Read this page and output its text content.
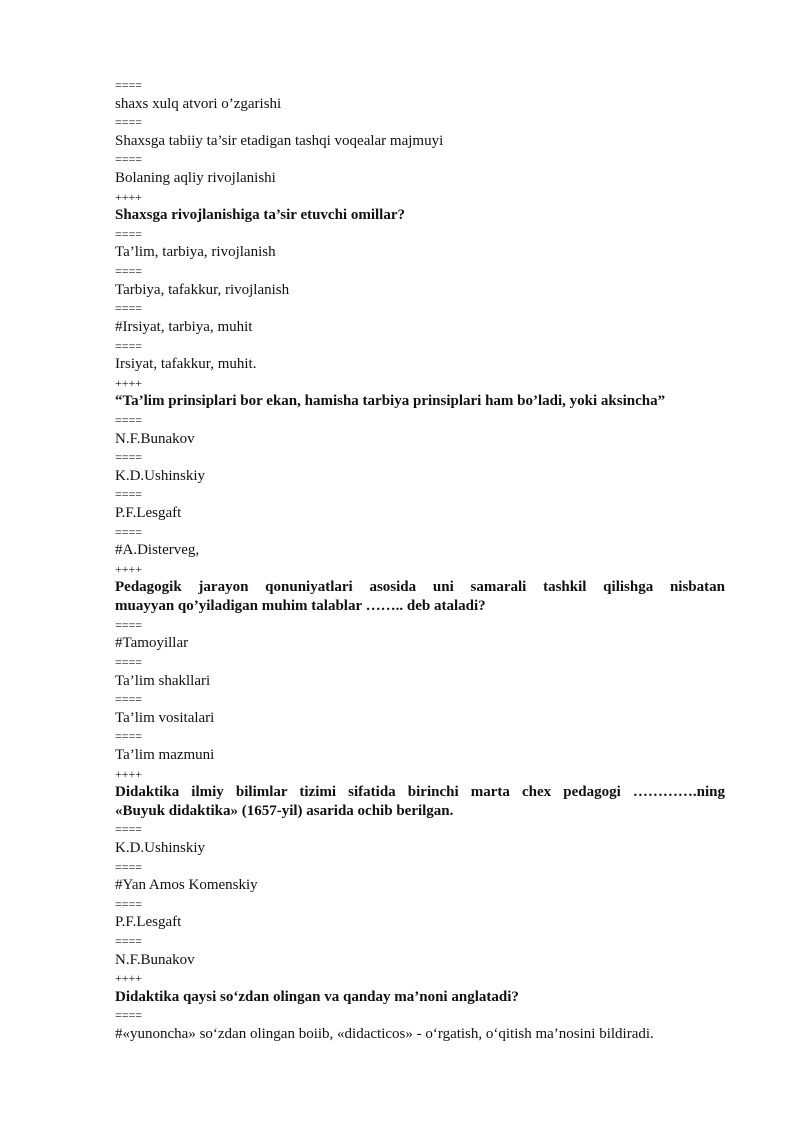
====
shaxs xulq atvori o’zgarishi
====
Shaxsga tabiiy ta’sir etadigan tashqi voqealar majmuyi
====
Bolaning aqliy rivojlanishi
++++
Shaxsga rivojlanishiga ta’sir etuvchi omillar?
====
Ta’lim, tarbiya, rivojlanish
====
Tarbiya, tafakkur, rivojlanish
====
#Irsiyat, tarbiya, muhit
====
Irsiyat, tafakkur, muhit.
++++
“Ta’lim prinsiplari bor ekan, hamisha tarbiya prinsiplari ham bo’ladi, yoki aksincha”
====
N.F.Bunakov
====
K.D.Ushinskiy
====
P.F.Lesgaft
====
#A.Disterveg,
++++
Pedagogik jarayon qonuniyatlari asosida uni samarali tashkil qilishga nisbatan
muayyan qo’yiladigan muhim talablar …….. deb ataladi?
====
#Tamoyillar
====
Ta’lim shakllari
====
Ta’lim vositalari
====
Ta’lim mazmuni
++++
Didaktika ilmiy bilimlar tizimi sifatida birinchi marta chex pedagogi ………….ning
«Buyuk didaktika» (1657-yil) asarida ochib berilgan.
====
K.D.Ushinskiy
====
#Yan Amos Komenskiy
====
P.F.Lesgaft
====
N.F.Bunakov
++++
Didaktika qaysi so‘zdan olingan va qanday ma’noni anglatadi?
====
#«yunoncha» so‘zdan olingan boiib, «didacticos» - o‘rgatish, o‘qitish ma’nosini bildiradi.
